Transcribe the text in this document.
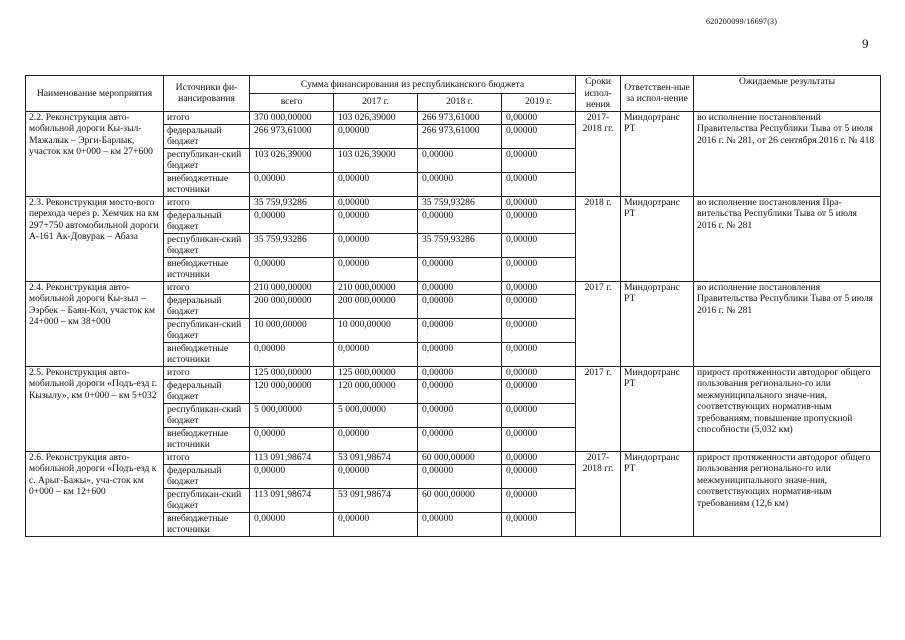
620200099/16697(3)
9
Наименование мероприятия	Источники фи-нансирования	Сумма финансирования из республиканского бюджета				Сроки испол-нения	Ответствен-ные за испол-нение	Ожидаемые результаты
		всего	2017 г.	2018 г.	2019 г.			
2.2. Реконструкция авто-мобильной дороги Кы-зыл-Мажалык – Эрги-Барлык, участок км 0+000 – км 27+600	итого	370 000,00000	103 026,39000	266 973,61000	0,00000	2017-2018 гг.	Миндортранс РТ	во исполнение постановлений Правительства Республики Тыва от 5 июля 2016 г. № 281, от 26 сентября 2016 г. № 418
	федеральный бюджет	266 973,61000	0,00000	266 973,61000	0,00000			
	республикан-ский бюджет	103 026,39000	103 026,39000	0,00000	0,00000			
	внебюджетные источники	0,00000	0,00000	0,00000	0,00000			
2.3. Реконструкция мосто-вого перехода через р. Хемчик на км 297+750 автомобильной дороги А-161 Ак-Довурак – Абаза	итого	35 759,93286	0,00000	35 759,93286	0,00000	2018 г.	Миндортранс РТ	во исполнение постановления Пра-вительства Республики Тыва от 5 июля 2016 г. № 281
	федеральный бюджет	0,00000	0,00000	0,00000	0,00000			
	республикан-ский бюджет	35 759,93286	0,00000	35 759,93286	0,00000			
	внебюджетные источники	0,00000	0,00000	0,00000	0,00000			
2.4. Реконструкция авто-мобильной дороги Кы-зыл – Ээрбек – Баян-Кол, участок км 24+000 – км 38+000	итого	210 000,00000	210 000,00000	0,00000	0,00000	2017 г.	Миндортранс РТ	во исполнение постановления Правительства Республики Тыва от 5 июля 2016 г. № 281
	федеральный бюджет	200 000,00000	200 000,00000	0,00000	0,00000			
	республикан-ский бюджет	10 000,00000	10 000,00000	0,00000	0,00000			
	внебюджетные источники	0,00000	0,00000	0,00000	0,00000			
2.5. Реконструкция авто-мобильной дороги «Подъ-езд г. Кызылу», км 0+000 – км 5+032	итого	125 000,00000	125 000,00000	0,00000	0,00000	2017 г.	Миндортранс РТ	прирост протяженности автодорог общего пользования регионально-го или межмуниципального значе-ния, соответствующих норматив-ным требованиям, повышение пропускной способности (5,032 км)
	федеральный бюджет	120 000,00000	120 000,00000	0,00000	0,00000			
	республикан-ский бюджет	5 000,00000	5 000,00000	0,00000	0,00000			
	внебюджетные источники	0,00000	0,00000	0,00000	0,00000			
2.6. Реконструкция авто-мобильной дороги «Подъ-езд к с. Арыг-Бажы», уча-сток км 0+000 – км 12+600	итого	113 091,98674	53 091,98674	60 000,00000	0,00000	2017-2018 гг.	Миндортранс РТ	прирост протяженности автодорог общего пользования регионально-го или межмуниципального значе-ния, соответствующих норматив-ным требованиям (12,6 км)
	федеральный бюджет	0,00000	0,00000	0,00000	0,00000			
	республикан-ский бюджет	113 091,98674	53 091,98674	60 000,00000	0,00000			
	внебюджетные источники	0,00000	0,00000	0,00000	0,00000			
